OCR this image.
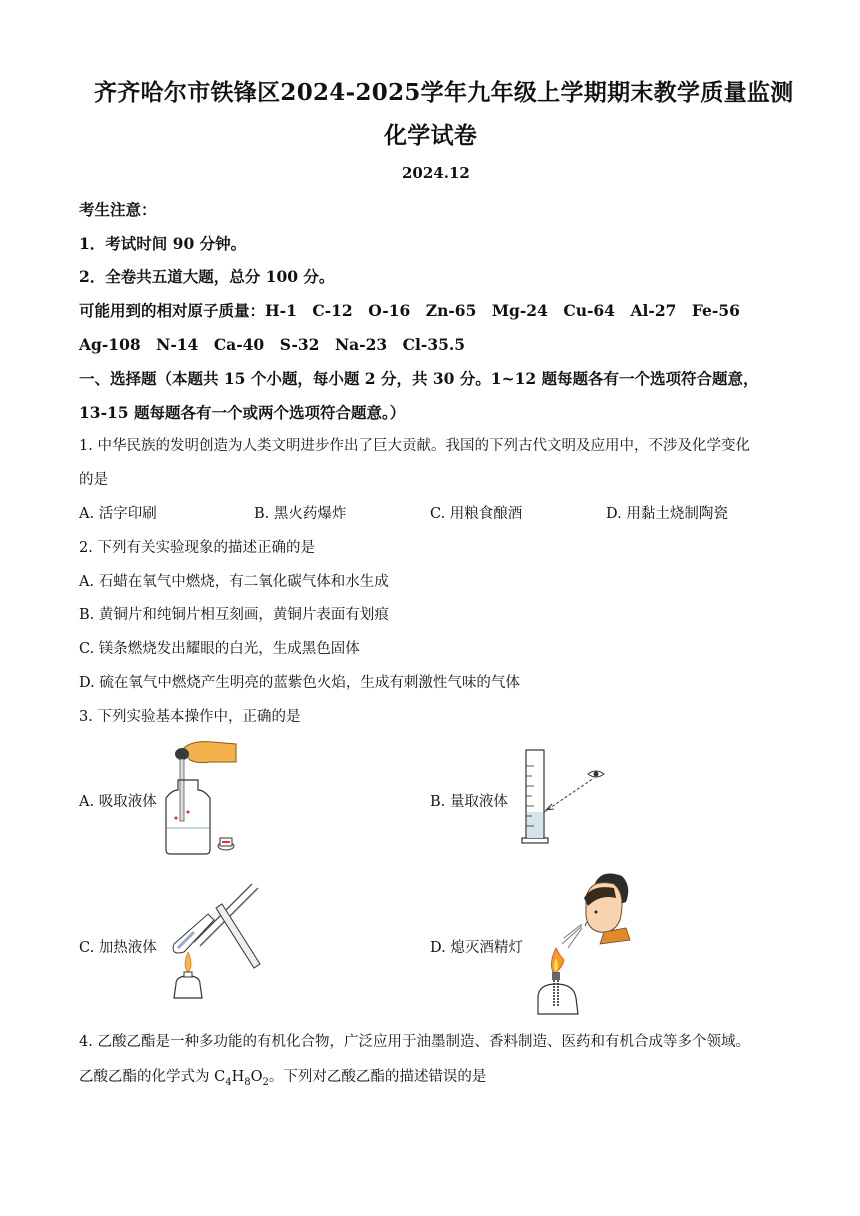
齐齐哈尔市铁锋区2024-2025学年九年级上学期期末教学质量监测
化学试卷
2024.12
考生注意：
1．考试时间 90 分钟。
2．全卷共五道大题，总分 100 分。
可能用到的相对原子质量：H-1　C-12　O-16　Zn-65　Mg-24　Cu-64　Al-27　Fe-56
Ag-108　N-14　Ca-40　S-32　Na-23　Cl-35.5
一、选择题（本题共 15 个小题，每小题 2 分，共 30 分。1~12 题每题各有一个选项符合题意，
13-15 题每题各有一个或两个选项符合题意。）
1. 中华民族的发明创造为人类文明进步作出了巨大贡献。我国的下列古代文明及应用中，不涉及化学变化
的是
A. 活字印刷	B. 黑火药爆炸	C. 用粮食酿酒	D. 用黏土烧制陶瓷
2. 下列有关实验现象的描述正确的是
A. 石蜡在氧气中燃烧，有二氧化碳气体和水生成
B. 黄铜片和纯铜片相互刻画，黄铜片表面有划痕
C. 镁条燃烧发出耀眼的白光，生成黑色固体
D. 硫在氧气中燃烧产生明亮的蓝紫色火焰，生成有刺激性气味的气体
3. 下列实验基本操作中，正确的是
A. 吸取液体	B. 量取液体
C. 加热液体	D. 熄灭酒精灯
4. 乙酸乙酯是一种多功能的有机化合物，广泛应用于油墨制造、香料制造、医药和有机合成等多个领域。
乙酸乙酯的化学式为 $C_4H_8O_2$。下列对乙酸乙酯的描述错误的是
